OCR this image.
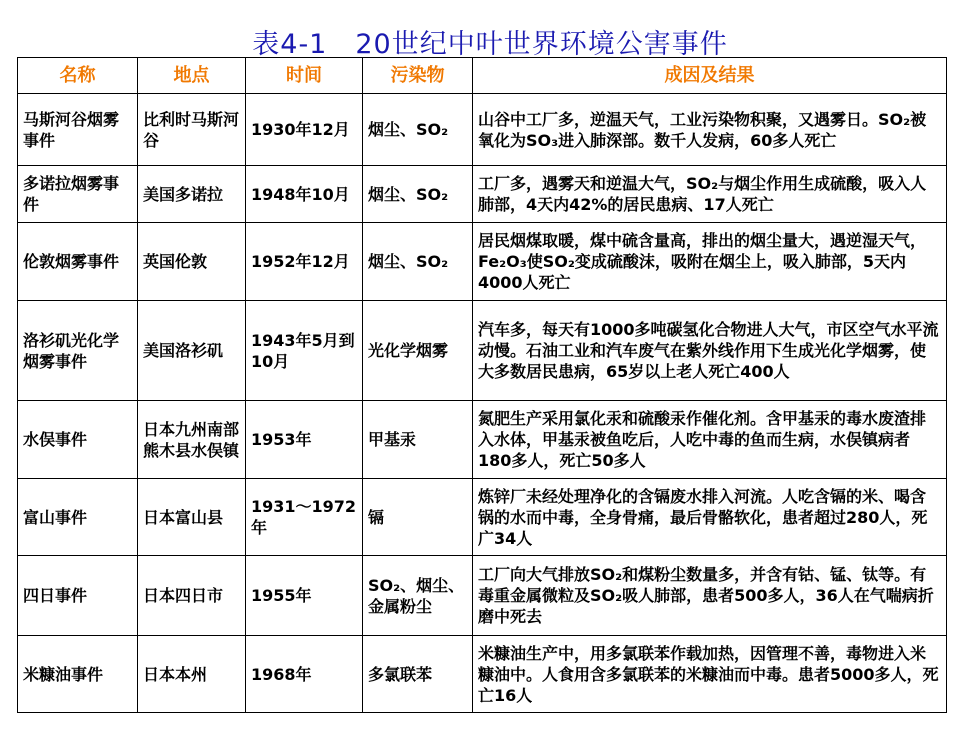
表4-1　20世纪中叶世界环境公害事件
名称	地点	时间	污染物	成因及结果
马斯河谷烟雾事件	比利时马斯河谷	1930年12月	烟尘、SO₂	山谷中工厂多，逆温天气，工业污染物积聚，又遇雾日。SO₂被氧化为SO₃进入肺深部。数千人发病，60多人死亡
多诺拉烟雾事件	美国多诺拉	1948年10月	烟尘、SO₂	工厂多，遇雾天和逆温大气，SO₂与烟尘作用生成硫酸，吸入人肺部，4天内42%的居民患病、17人死亡
伦敦烟雾事件	英国伦敦	1952年12月	烟尘、SO₂	居民烟煤取暖，煤中硫含量高，排出的烟尘量大，遇逆湿天气，Fe₂O₃使SO₂变成硫酸沫，吸附在烟尘上，吸入肺部，5天内4000人死亡
洛衫矶光化学烟雾事件	美国洛衫矶	1943年5月到10月	光化学烟雾	汽车多，每天有1000多吨碳氢化合物进人大气，市区空气水平流动慢。石油工业和汽车废气在紫外线作用下生成光化学烟雾，使大多数居民患病，65岁以上老人死亡400人
水俣事件	日本九州南部熊木县水俣镇	1953年	甲基汞	氮肥生产采用氯化汞和硫酸汞作催化剂。含甲基汞的毒水废渣排入水体，甲基汞被鱼吃后，人吃中毒的鱼而生病，水俣镇病者180多人，死亡50多人
富山事件	日本富山县	1931～1972年	镉	炼锌厂未经处理净化的含镉废水排入河流。人吃含镉的米、喝含锅的水而中毒，全身骨痛，最后骨骼软化，患者超过280人，死广34人
四日事件	日本四日市	1955年	SO₂、烟尘、金属粉尘	工厂向大气排放SO₂和煤粉尘数量多，并含有钴、锰、钛等。有毒重金属微粒及SO₂吸人肺部，患者500多人，36人在气喘病折磨中死去
米糠油事件	日本本州	1968年	多氯联苯	米糠油生产中，用多氯联苯作载加热，因管理不善，毒物进入米糠油中。人食用含多氯联苯的米糠油而中毒。患者5000多人，死亡16人
